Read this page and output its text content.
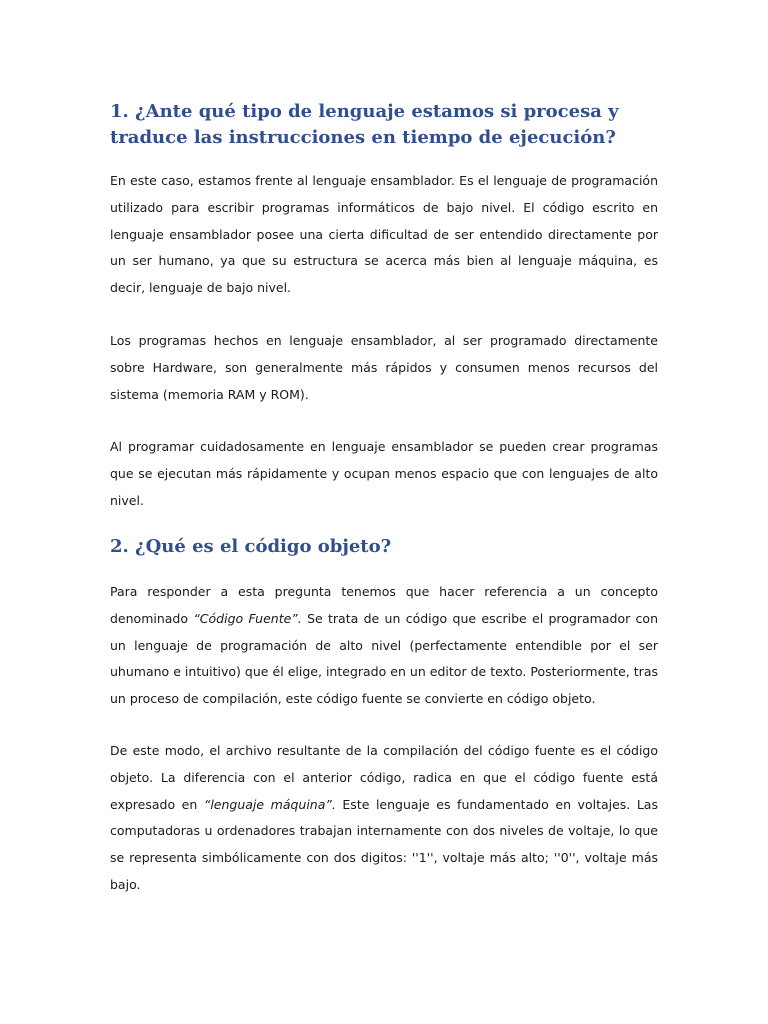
1. ¿Ante qué tipo de lenguaje estamos si procesa y traduce las instrucciones en tiempo de ejecución?

En este caso, estamos frente al lenguaje ensamblador. Es el lenguaje de programación utilizado para escribir programas informáticos de bajo nivel. El código escrito en lenguaje ensamblador posee una cierta dificultad de ser entendido directamente por un ser humano, ya que su estructura se acerca más bien al lenguaje máquina, es decir, lenguaje de bajo nivel.

Los programas hechos en lenguaje ensamblador, al ser programado directamente sobre Hardware, son generalmente más rápidos y consumen menos recursos del sistema (memoria RAM y ROM).

Al programar cuidadosamente en lenguaje ensamblador se pueden crear programas que se ejecutan más rápidamente y ocupan menos espacio que con lenguajes de alto nivel.

2. ¿Qué es el código objeto?

Para responder a esta pregunta tenemos que hacer referencia a un concepto denominado “Código Fuente”. Se trata de un código que escribe el programador con un lenguaje de programación de alto nivel (perfectamente entendible por el ser uhumano e intuitivo) que él elige, integrado en un editor de texto. Posteriormente, tras un proceso de compilación, este código fuente se convierte en código objeto.

De este modo, el archivo resultante de la compilación del código fuente es el código objeto. La diferencia con el anterior código, radica en que el código fuente está expresado en “lenguaje máquina”. Este lenguaje es fundamentado en voltajes. Las computadoras u ordenadores trabajan internamente con dos niveles de voltaje, lo que se representa simbólicamente con dos digitos: ''1'', voltaje más alto; ''0'', voltaje más bajo.
